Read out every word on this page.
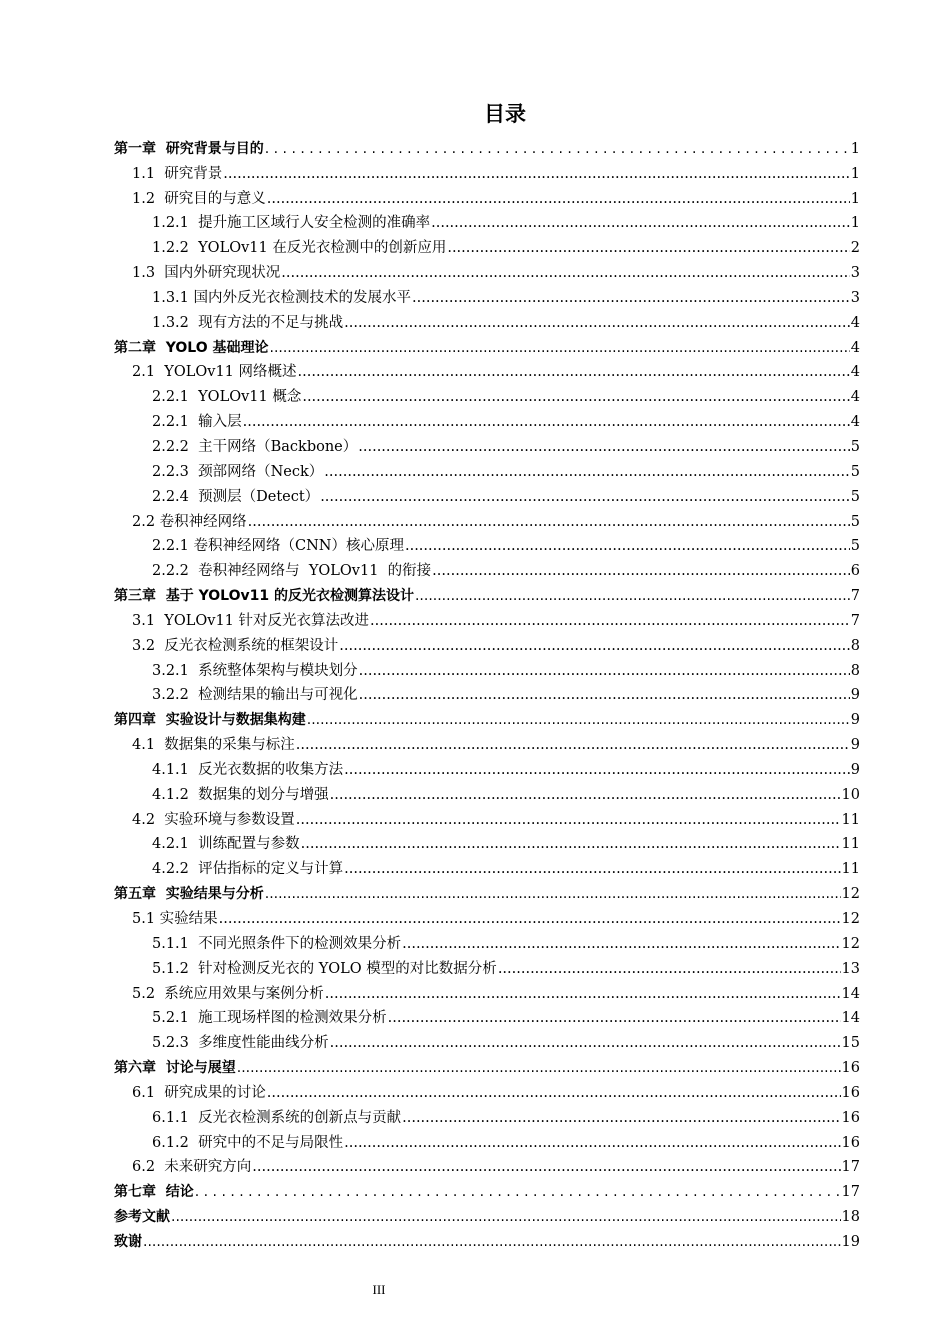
目录
第一章  研究背景与目的 . . .	1
1.1  研究背景 .....	1
1.2  研究目的与意义 .....	1
1.2.1  提升施工区域行人安全检测的准确率 .....	1
1.2.2  YOLOv11 在反光衣检测中的创新应用 .....	2
1.3  国内外研究现状况 .....	3
1.3.1 国内外反光衣检测技术的发展水平 .....	3
1.3.2  现有方法的不足与挑战 .....	4
第二章  YOLO 基础理论 .....	4
2.1  YOLOv11 网络概述 .....	4
2.2.1  YOLOv11 概念 .....	4
2.2.1  输入层 .....	4
2.2.2  主干网络（Backbone） .....	5
2.2.3  颈部网络（Neck） .....	5
2.2.4  预测层（Detect） .....	5
2.2 卷积神经网络 .....	5
2.2.1 卷积神经网络（CNN）核心原理 .....	5
2.2.2  卷积神经网络与  YOLOv11  的衔接 .....	6
第三章  基于 YOLOv11 的反光衣检测算法设计 .....	7
3.1  YOLOv11 针对反光衣算法改进 .....	7
3.2  反光衣检测系统的框架设计 .....	8
3.2.1  系统整体架构与模块划分 .....	8
3.2.2  检测结果的输出与可视化 .....	9
第四章  实验设计与数据集构建 .....	9
4.1  数据集的采集与标注 .....	9
4.1.1  反光衣数据的收集方法 .....	9
4.1.2  数据集的划分与增强 .....	10
4.2  实验环境与参数设置 .....	11
4.2.1  训练配置与参数 .....	11
4.2.2  评估指标的定义与计算 .....	11
第五章  实验结果与分析 .....	12
5.1 实验结果 .....	12
5.1.1  不同光照条件下的检测效果分析 .....	12
5.1.2  针对检测反光衣的 YOLO 模型的对比数据分析 .....	13
5.2  系统应用效果与案例分析 .....	14
5.2.1  施工现场样图的检测效果分析 .....	14
5.2.3  多维度性能曲线分析 .....	15
第六章  讨论与展望 .....	16
6.1  研究成果的讨论 .....	16
6.1.1  反光衣检测系统的创新点与贡献 .....	16
6.1.2  研究中的不足与局限性 .....	16
6.2  未来研究方向 .....	17
第七章  结论 . . .	17
参考文献 .....	18
致谢 .....	19
III
